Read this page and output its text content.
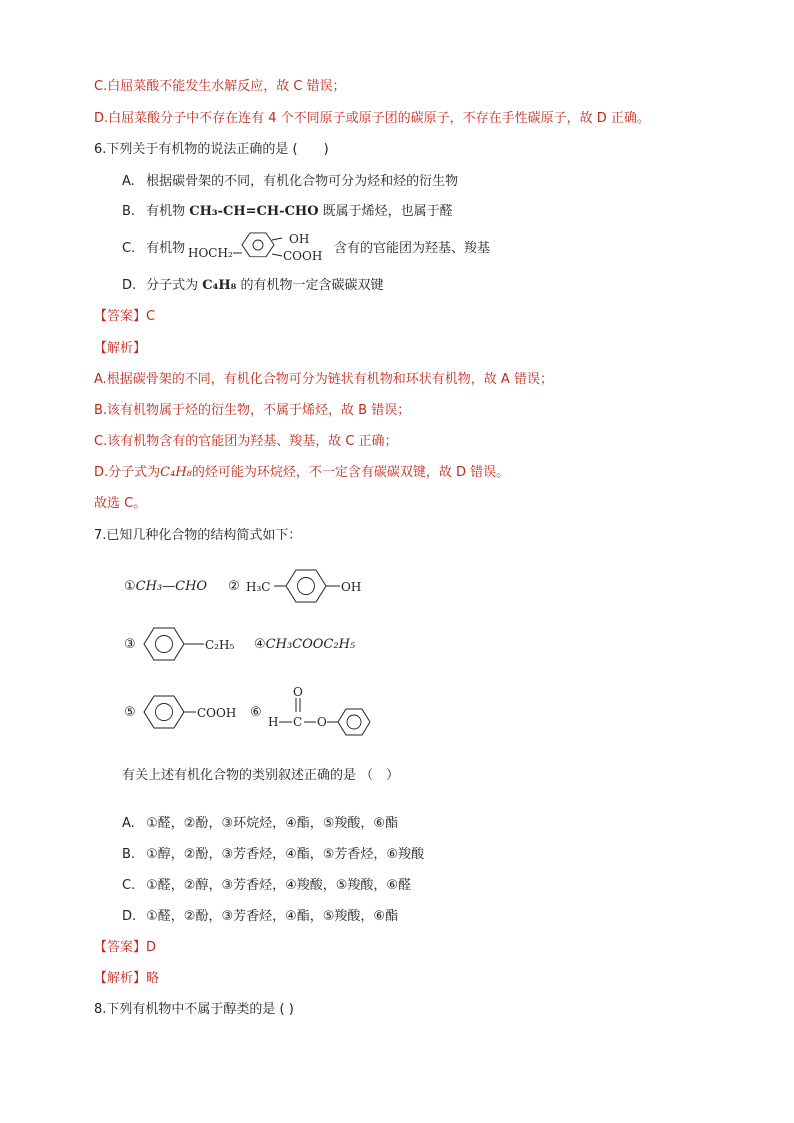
C.白屈菜酸不能发生水解反应，故 C 错误；
D.白屈菜酸分子中不存在连有 4 个不同原子或原子团的碳原子，不存在手性碳原子，故 D 正确。
6.下列关于有机物的说法正确的是 (　　)
A. 根据碳骨架的不同，有机化合物可分为烃和烃的衍生物
B. 有机物 CH₃-CH=CH-CHO 既属于烯烃，也属于醛
C. 有机物 HOCH₂
OH
COOH 含有的官能团为羟基、羧基
D. 分子式为 C₄H₈ 的有机物一定含碳碳双键
【答案】C
【解析】
A.根据碳骨架的不同，有机化合物可分为链状有机物和环状有机物，故 A 错误；
B.该有机物属于烃的衍生物，不属于烯烃，故 B 错误；
C.该有机物含有的官能团为羟基、羧基，故 C 正确；
D.分子式为C₄H₈的烃可能为环烷烃，不一定含有碳碳双键，故 D 错误。
故选 C。
7.已知几种化合物的结构简式如下：
①CH₃—CHO ② H₃C	OH
③	C₂H₅ ④CH₃COOC₂H₅
⑤	COOH ⑥
H C
O
O
有关上述有机化合物的类别叙述正确的是 （　）
A. ①醛，②酚，③环烷烃，④酯，⑤羧酸，⑥酯
B. ①醇，②酚，③芳香烃，④酯，⑤芳香烃，⑥羧酸
C. ①醛，②醇，③芳香烃，④羧酸，⑤羧酸，⑥醛
D. ①醛，②酚，③芳香烃，④酯，⑤羧酸，⑥酯
【答案】D
【解析】略
8.下列有机物中不属于醇类的是 ( )
